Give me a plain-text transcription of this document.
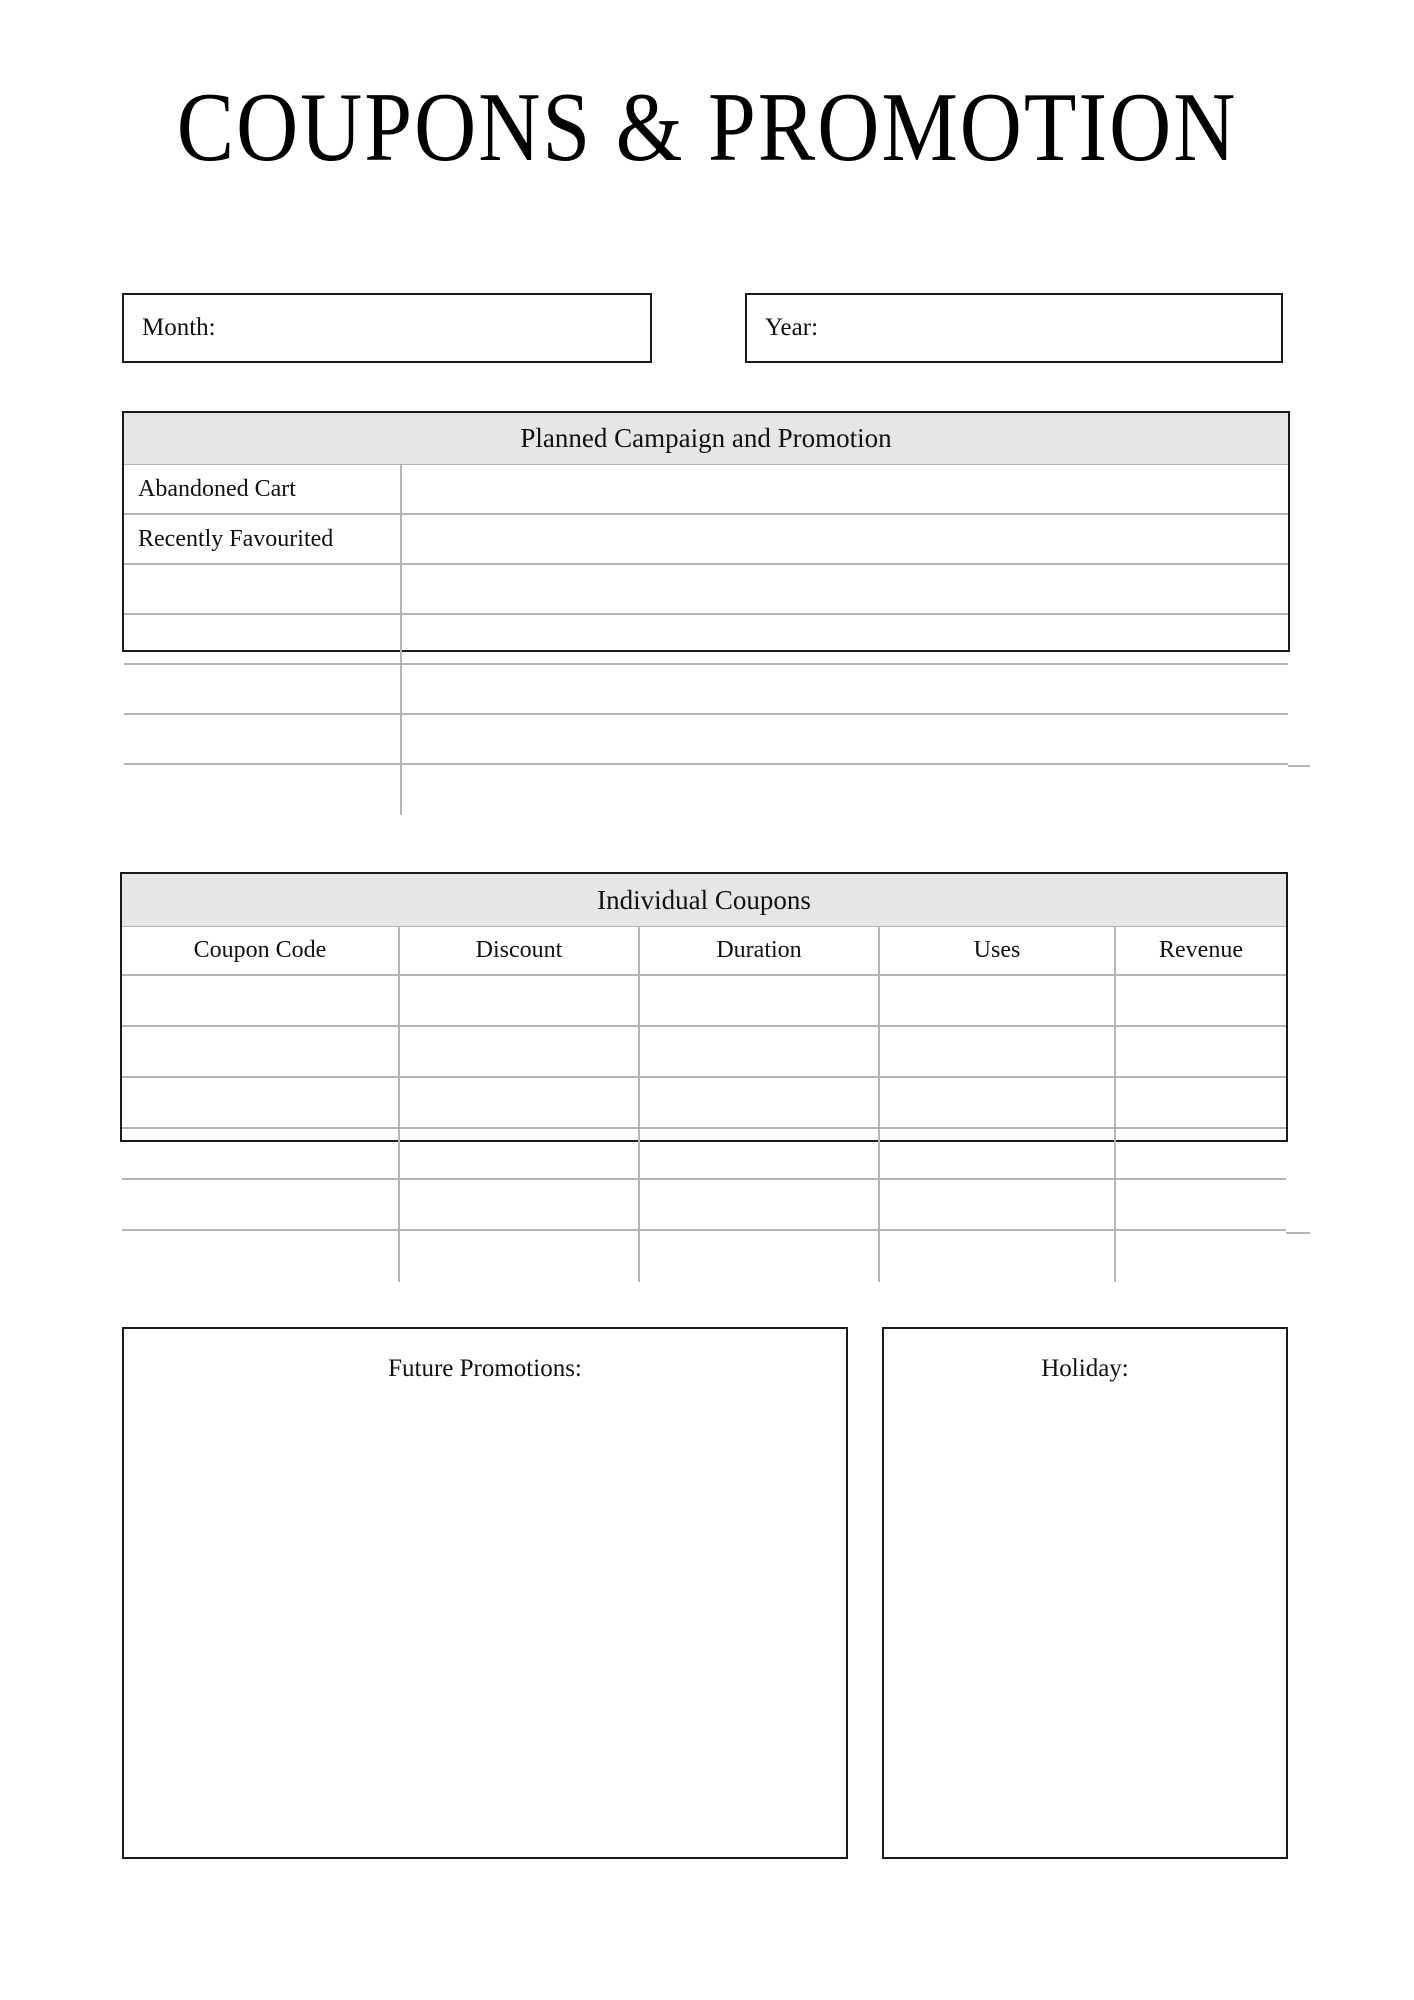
COUPONS & PROMOTION
Month:	Year:
Planned Campaign and Promotion
Abandoned Cart
Recently Favourited
Individual Coupons
Coupon Code	Discount	Duration	Uses	Revenue
Future Promotions:	Holiday:
